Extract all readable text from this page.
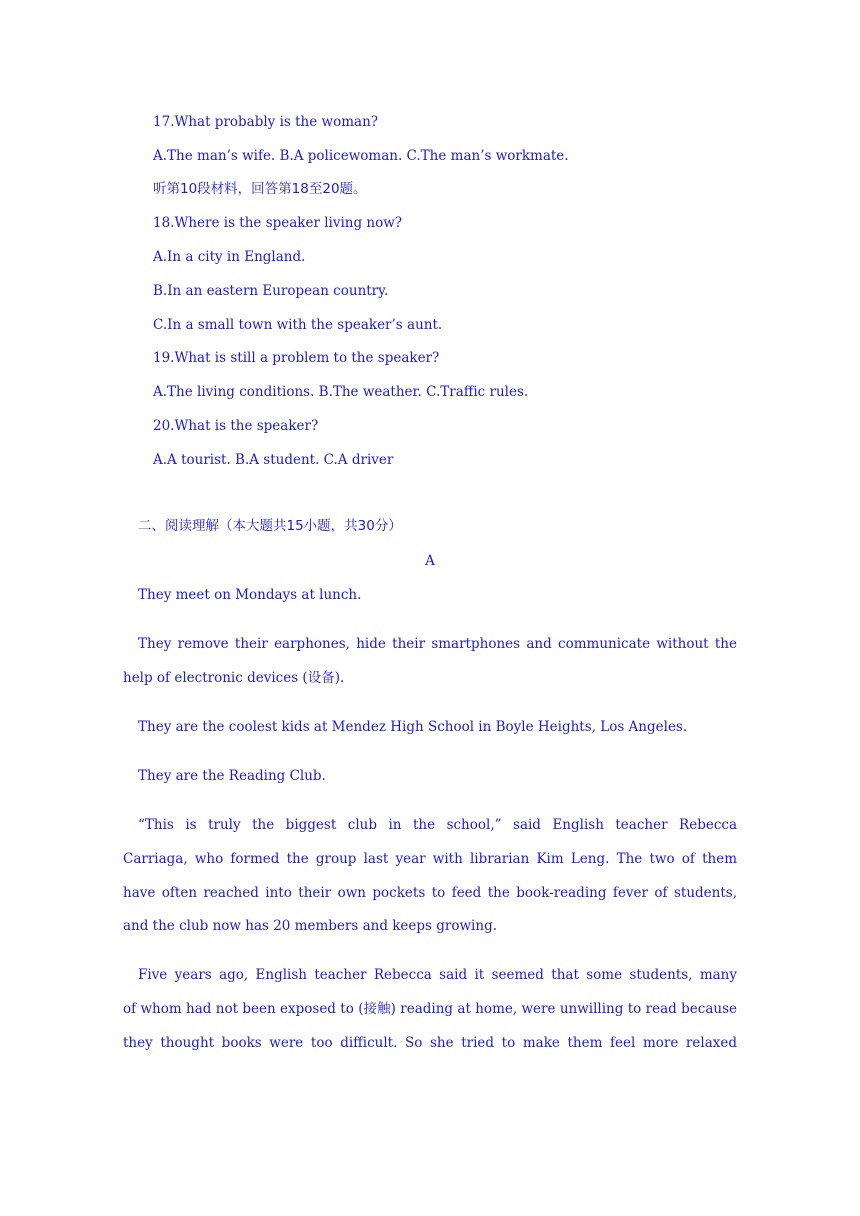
17.What probably is the woman?
A.The man’s wife. B.A policewoman. C.The man’s workmate.
听第10段材料，回答第18至20题。
18.Where is the speaker living now?
A.In a city in England.
B.In an eastern European country.
C.In a small town with the speaker’s aunt.
19.What is still a problem to the speaker?
A.The living conditions. B.The weather. C.Traffic rules.
20.What is the speaker?
A.A tourist. B.A student. C.A driver
二、阅读理解（本大题共15小题，共30分）
A
They meet on Mondays at lunch.
They remove their earphones, hide their smartphones and communicate without the
help of electronic devices (设备).
They are the coolest kids at Mendez High School in Boyle Heights, Los Angeles.
They are the Reading Club.
“This is truly the biggest club in the school,” said English teacher Rebecca
Carriaga, who formed the group last year with librarian Kim Leng. The two of them
have often reached into their own pockets to feed the book-reading fever of students,
and the club now has 20 members and keeps growing.
Five years ago, English teacher Rebecca said it seemed that some students, many
of whom had not been exposed to (接触) reading at home, were unwilling to read because
they thought books were too difficult. So she tried to make them feel more relaxed
